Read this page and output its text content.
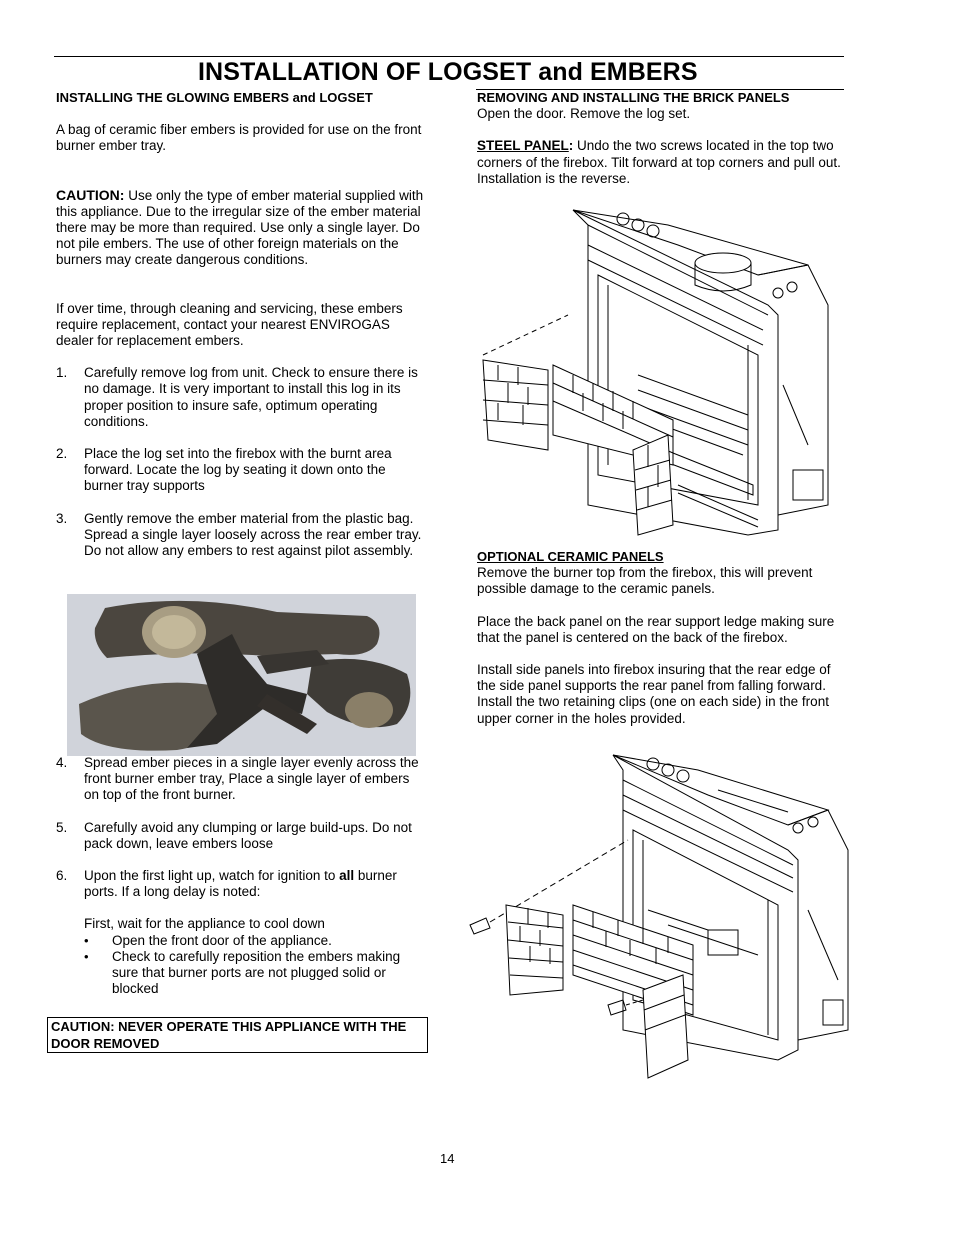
INSTALLATION OF LOGSET and EMBERS

INSTALLING THE GLOWING EMBERS and LOGSET

A bag of ceramic fiber embers is provided for use on the front burner ember tray.

CAUTION: Use only the type of ember material supplied with this appliance. Due to the irregular size of the ember material there may be more than required. Use only a single layer. Do not pile embers. The use of other foreign materials on the burners may create dangerous conditions.

If over time, through cleaning and servicing, these embers require replacement, contact your nearest ENVIROGAS dealer for replacement embers.

1. Carefully remove log from unit. Check to ensure there is no damage. It is very important to install this log in its proper position to insure safe, optimum operating conditions.
2. Place the log set into the firebox with the burnt area forward. Locate the log by seating it down onto the burner tray supports
3. Gently remove the ember material from the plastic bag. Spread a single layer loosely across the rear ember tray. Do not allow any embers to rest against pilot assembly.
4. Spread ember pieces in a single layer evenly across the front burner ember tray, Place a single layer of embers on top of the front burner.
5. Carefully avoid any clumping or large build-ups. Do not pack down, leave embers loose
6. Upon the first light up, watch for ignition to all burner ports. If a long delay is noted:

First, wait for the appliance to cool down

• Open the front door of the appliance.
• Check to carefully reposition the embers making sure that burner ports are not plugged solid or blocked
CAUTION: NEVER OPERATE THIS APPLIANCE WITH THE DOOR REMOVED

REMOVING AND INSTALLING THE BRICK PANELS

Open the door. Remove the log set.

STEEL PANEL: Undo the two screws located in the top two corners of the firebox. Tilt forward at top corners and pull out. Installation is the reverse.

OPTIONAL CERAMIC PANELS

Remove the burner top from the firebox, this will prevent possible damage to the ceramic panels.

Place the back panel on the rear support ledge making sure that the panel is centered on the back of the firebox.

Install side panels into firebox insuring that the rear edge of the side panel supports the rear panel from falling forward. Install the two retaining clips (one on each side) in the front upper corner in the holes provided.

14
